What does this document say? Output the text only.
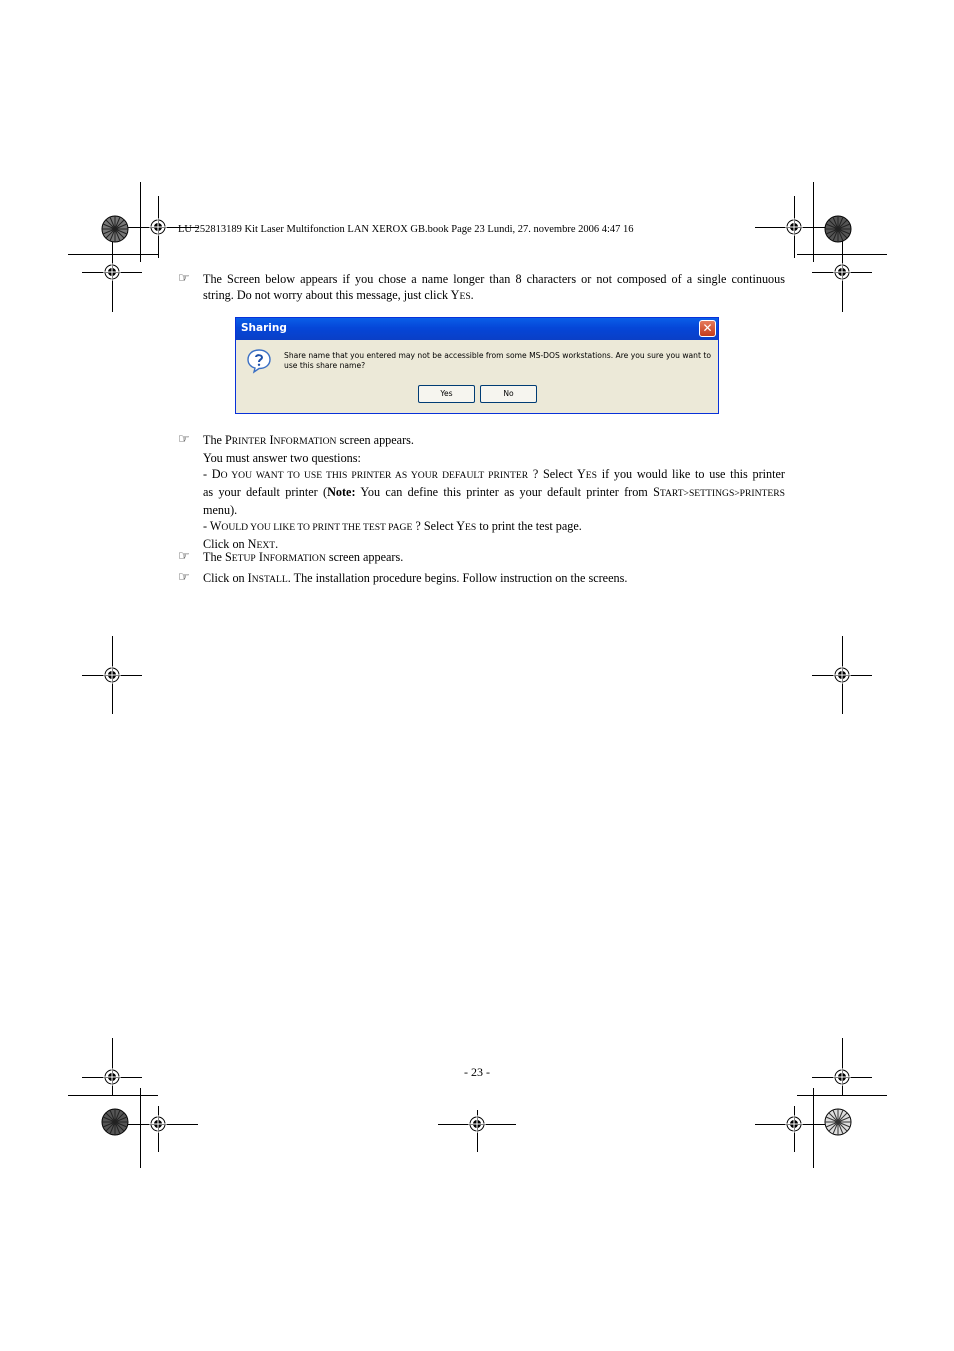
LU 252813189 Kit Laser Multifonction LAN XEROX GB.book Page 23 Lundi, 27. novembre 2006 4:47 16
☞ The Screen below appears if you chose a name longer than 8 characters or not composed of a single continuous
string. Do not worry about this message, just click YES.
Sharing	✕
Share name that you entered may not be accessible from some MS-DOS workstations. Are you sure you want to use this share name?
Yes	No
☞ The PRINTER INFORMATION screen appears.
You must answer two questions:
- DO YOU WANT TO USE THIS PRINTER AS YOUR DEFAULT PRINTER ? Select YES if you would like to use this printer
as your default printer (Note: You can define this printer as your default printer from START>SETTINGS>PRINTERS
menu).
- WOULD YOU LIKE TO PRINT THE TEST PAGE ? Select YES to print the test page.
Click on NEXT.
☞ The SETUP INFORMATION screen appears.
☞ Click on INSTALL. The installation procedure begins. Follow instruction on the screens.
- 23 -
